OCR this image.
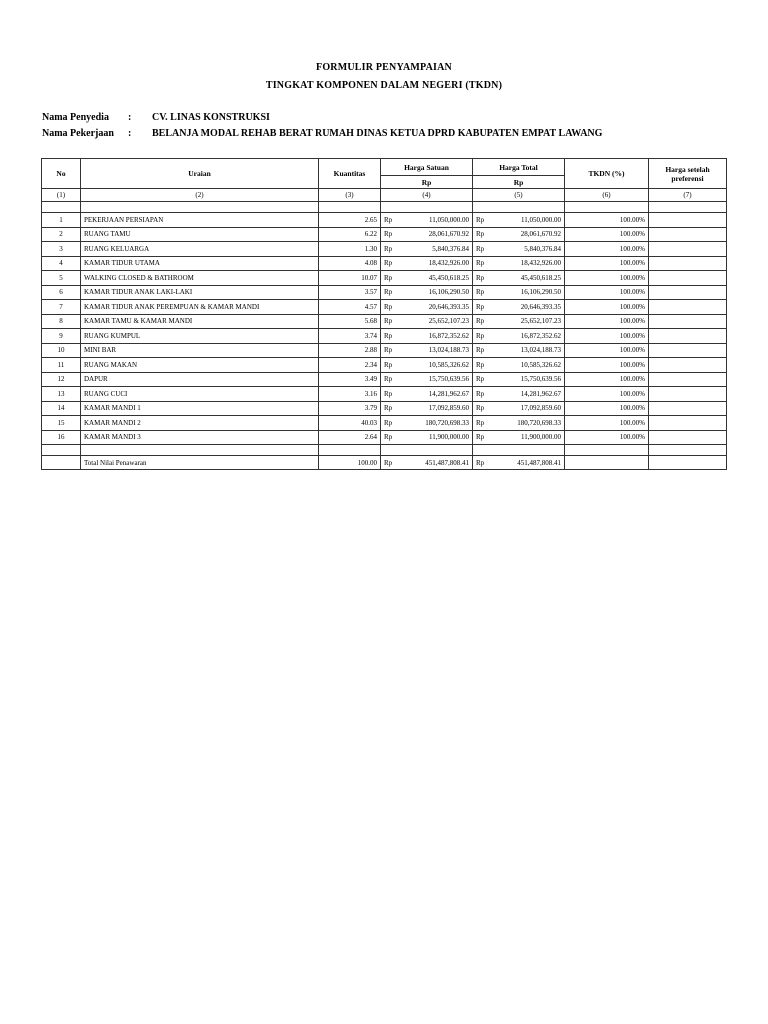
FORMULIR PENYAMPAIAN
TINGKAT KOMPONEN DALAM NEGERI (TKDN)
Nama Penyedia : CV. LINAS KONSTRUKSI
Nama Pekerjaan : BELANJA MODAL REHAB BERAT RUMAH DINAS KETUA DPRD KABUPATEN EMPAT LAWANG
No	Uraian	Kuantitas	Harga Satuan		Harga Total		TKDN (%)	Harga setelah preferensi
			Rp		Rp			
(1)	(2)	(3)	(4)		(5)		(6)	(7)

1	PEKERJAAN PERSIAPAN	2.65	Rp	11,050,000.00	Rp	11,050,000.00	100.00%	
2	RUANG TAMU	6.22	Rp	28,061,670.92	Rp	28,061,670.92	100.00%	
3	RUANG KELUARGA	1.30	Rp	5,840,376.84	Rp	5,840,376.84	100.00%	
4	KAMAR TIDUR UTAMA	4.08	Rp	18,432,926.00	Rp	18,432,926.00	100.00%	
5	WALKING CLOSED & BATHROOM	10.07	Rp	45,450,618.25	Rp	45,450,618.25	100.00%	
6	KAMAR TIDUR ANAK LAKI-LAKI	3.57	Rp	16,106,290.50	Rp	16,106,290.50	100.00%	
7	KAMAR TIDUR ANAK PEREMPUAN & KAMAR MANDI	4.57	Rp	20,646,393.35	Rp	20,646,393.35	100.00%	
8	KAMAR TAMU & KAMAR MANDI	5.68	Rp	25,652,107.23	Rp	25,652,107.23	100.00%	
9	RUANG KUMPUL	3.74	Rp	16,872,352.62	Rp	16,872,352.62	100.00%	
10	MINI BAR	2.88	Rp	13,024,188.73	Rp	13,024,188.73	100.00%	
11	RUANG MAKAN	2.34	Rp	10,585,326.62	Rp	10,585,326.62	100.00%	
12	DAPUR	3.49	Rp	15,750,639.56	Rp	15,750,639.56	100.00%	
13	RUANG CUCI	3.16	Rp	14,281,962.67	Rp	14,281,962.67	100.00%	
14	KAMAR MANDI 1	3.79	Rp	17,092,859.60	Rp	17,092,859.60	100.00%	
15	KAMAR MANDI 2	40.03	Rp	180,720,698.33	Rp	180,720,698.33	100.00%	
16	KAMAR MANDI 3	2.64	Rp	11,900,000.00	Rp	11,900,000.00	100.00%	

	Total Nilai Penawaran	100.00	Rp	451,487,808.41	Rp	451,487,808.41		
